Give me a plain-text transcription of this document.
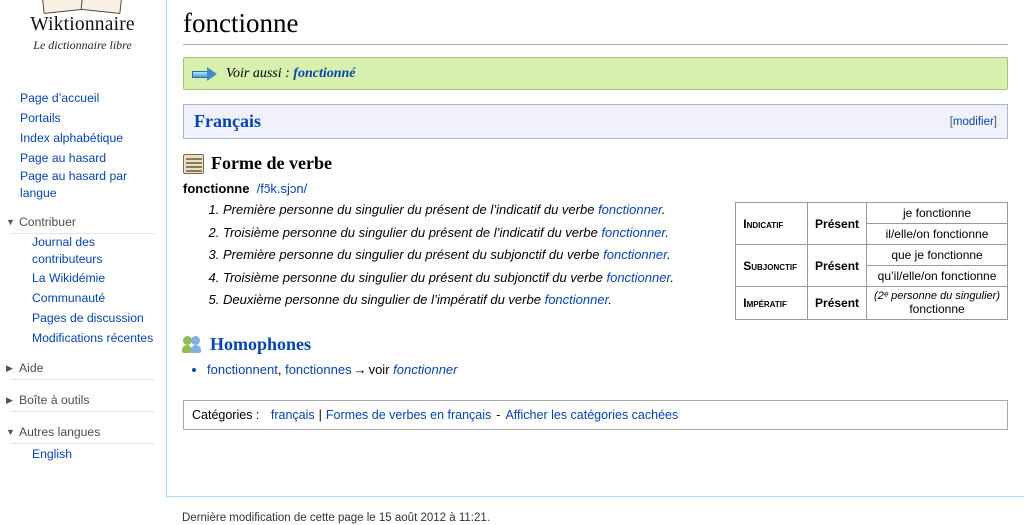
Wiktionnaire
Le dictionnaire libre
Page d’accueil
Portails
Index alphabétique
Page au hasard
Page au hasard par langue
▼ Contribuer
Journal des contributeurs
La Wikidémie
Communauté
Pages de discussion
Modifications récentes
▶ Aide
▶ Boîte à outils
▼ Autres langues
English
fonctionne
Voir aussi :
fonctionné
Français	[modifier]
Forme de verbe
fonctionne /fɔ̃k.sjɔn/
1. Première personne du singulier du présent de l’indicatif du verbe fonctionner.
2. Troisième personne du singulier du présent de l’indicatif du verbe fonctionner.
3. Première personne du singulier du présent du subjonctif du verbe fonctionner.
4. Troisième personne du singulier du présent du subjonctif du verbe fonctionner.
5. Deuxième personne du singulier de l’impératif du verbe fonctionner.
Indicatif	Présent	je fonctionne
		il/elle/on fonctionne
Subjonctif	Présent	que je fonctionne
		qu’il/elle/on fonctionne
Impératif	Présent	(2ᵉ personne du singulier)
		fonctionne
Homophones
• fonctionnent, fonctionnes → voir fonctionner
Catégories : français | Formes de verbes en français - Afficher les catégories cachées
Dernière modification de cette page le 15 août 2012 à 11:21.
